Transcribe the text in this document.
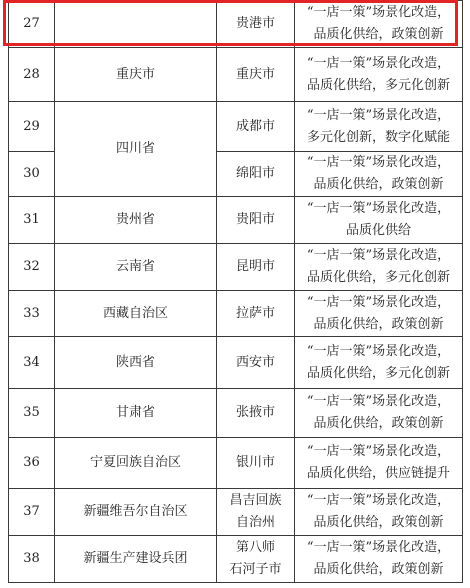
27		贵港市	“一店一策”场景化改造，
品质化供给，政策创新

28	重庆市	重庆市	“一店一策”场景化改造，
品质化供给，多元化创新

29	四川省	成都市	“一店一策”场景化改造，
多元化创新，数字化赋能

30		绵阳市	“一店一策”场景化改造，
品质化供给，政策创新

31	贵州省	贵阳市	“一店一策”场景化改造，
品质化供给

32	云南省	昆明市	“一店一策”场景化改造，
品质化供给，多元化创新

33	西藏自治区	拉萨市	“一店一策”场景化改造，
品质化供给，政策创新

34	陕西省	西安市	“一店一策”场景化改造，
品质化供给，多元化创新

35	甘肃省	张掖市	“一店一策”场景化改造，
品质化供给，政策创新

36	宁夏回族自治区	银川市	“一店一策”场景化改造，
品质化供给，供应链提升

37	新疆维吾尔自治区	昌吉回族
自治州	“一店一策”场景化改造，
品质化供给，政策创新

38	新疆生产建设兵团	第八师
石河子市	“一店一策”场景化改造，
品质化供给，政策创新
